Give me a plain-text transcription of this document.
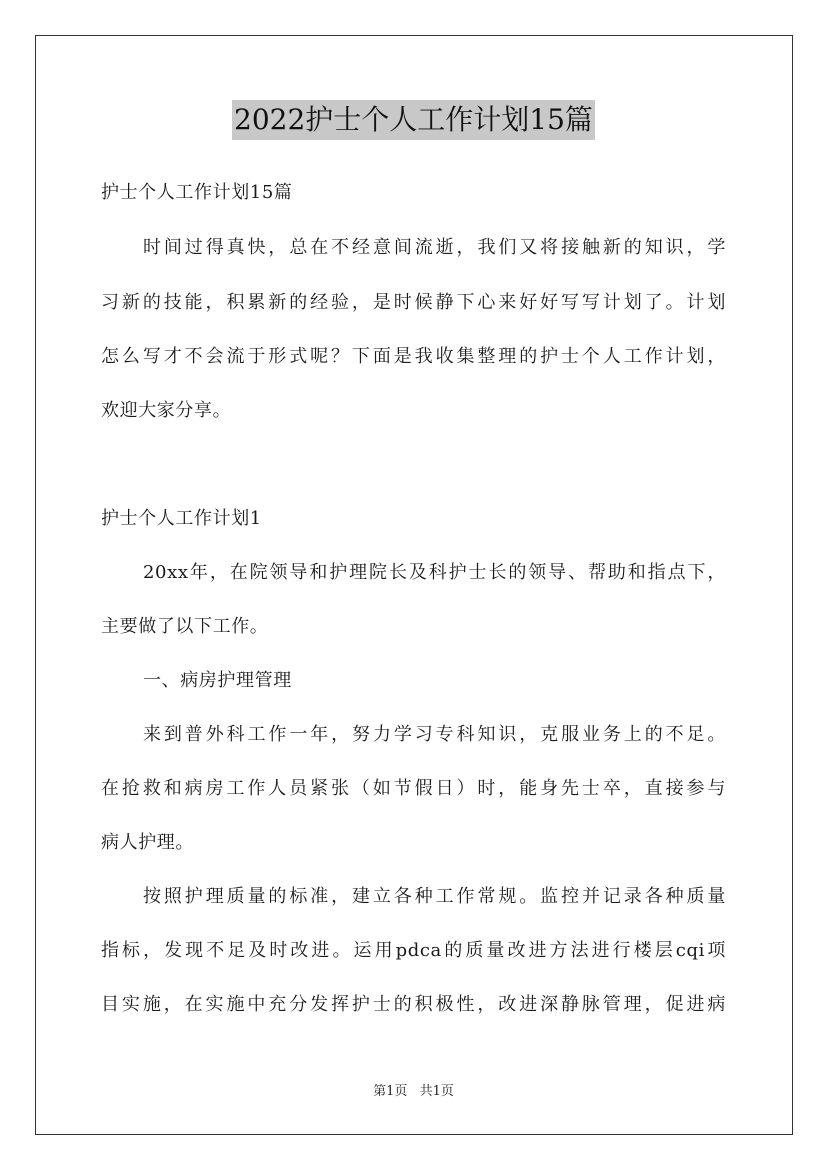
2022护士个人工作计划15篇
护士个人工作计划15篇
时间过得真快，总在不经意间流逝，我们又将接触新的知识，学
习新的技能，积累新的经验，是时候静下心来好好写写计划了。计划
怎么写才不会流于形式呢？下面是我收集整理的护士个人工作计划，
欢迎大家分享。
护士个人工作计划1
20xx年，在院领导和护理院长及科护士长的领导、帮助和指点下，
主要做了以下工作。
一、病房护理管理
来到普外科工作一年，努力学习专科知识，克服业务上的不足。
在抢救和病房工作人员紧张（如节假日）时，能身先士卒，直接参与
病人护理。
按照护理质量的标准，建立各种工作常规。监控并记录各种质量
指标，发现不足及时改进。运用pdca的质量改进方法进行楼层cqi项
目实施，在实施中充分发挥护士的积极性，改进深静脉管理，促进病
第1页 共1页
